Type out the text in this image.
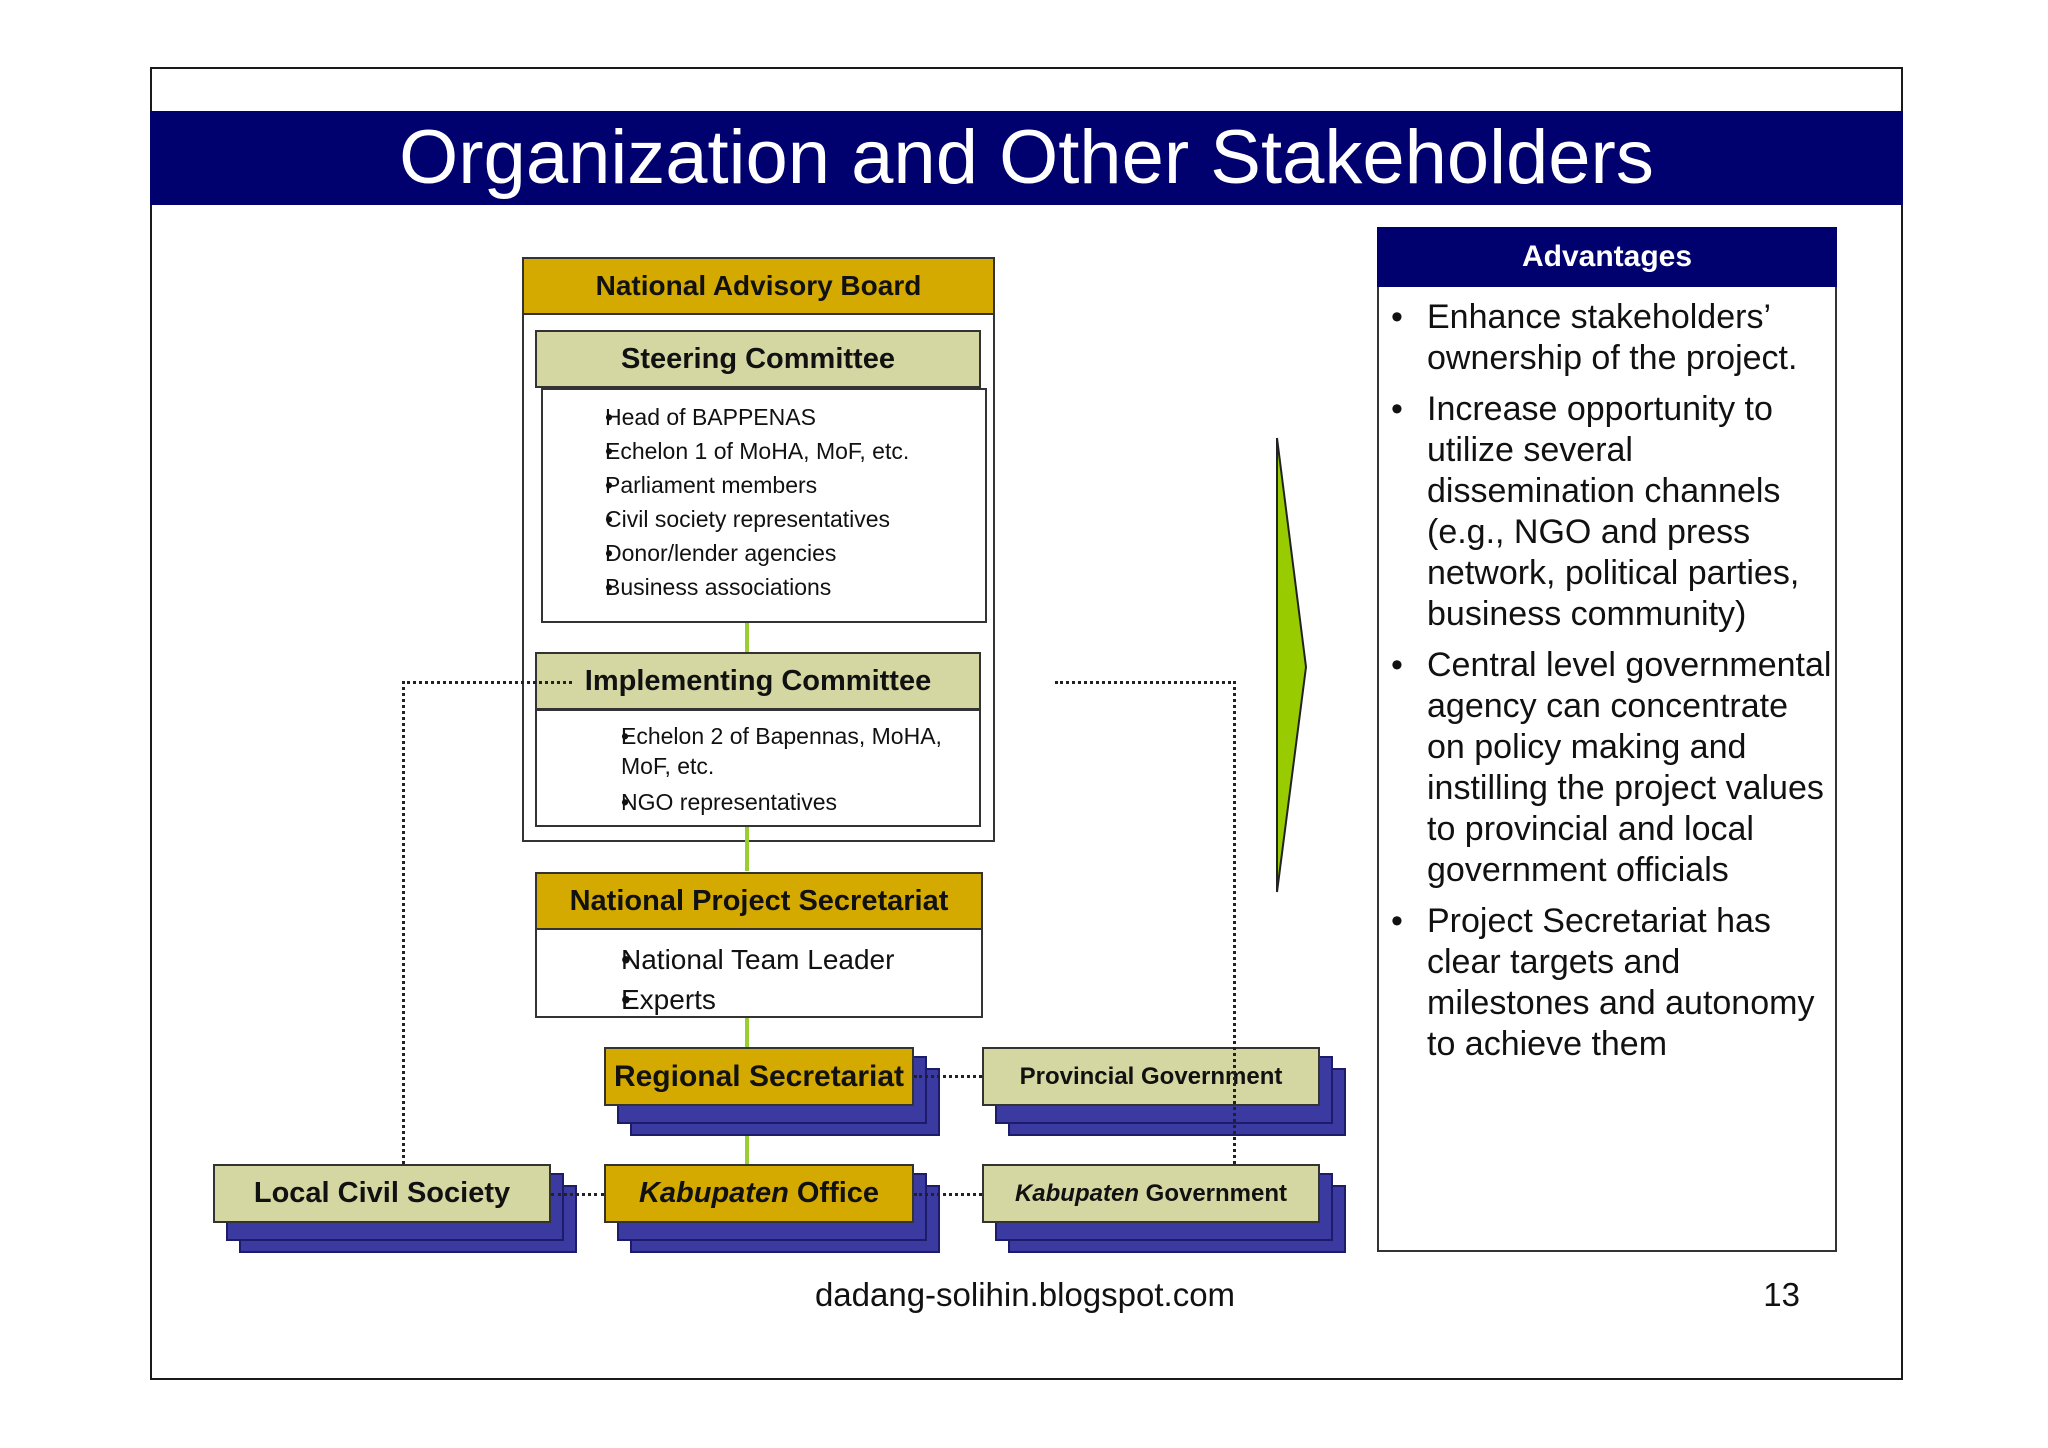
Organization and Other Stakeholders
National Advisory Board
• Head of BAPPENAS
• Echelon 1 of MoHA, MoF, etc.
• Parliament members
• Civil society representatives
• Donor/lender agencies
• Business associations
Steering Committee
• Echelon 2 of Bapennas, MoHA, MoF, etc.
• NGO representatives
Implementing Committee
• National Team Leader
• Experts
National Project Secretariat
Regional Secretariat	Provincial Government
Local Civil Society	Kabupaten Office	Kabupaten Government
Advantages
• Enhance stakeholders’ ownership of the project.
• Increase opportunity to utilize several dissemination channels (e.g., NGO and press network, political parties, business community)
• Central level governmental agency can concentrate on policy making and instilling the project values to provincial and local government officials
• Project Secretariat has clear targets and milestones and autonomy to achieve them
dadang-solihin.blogspot.com	13
